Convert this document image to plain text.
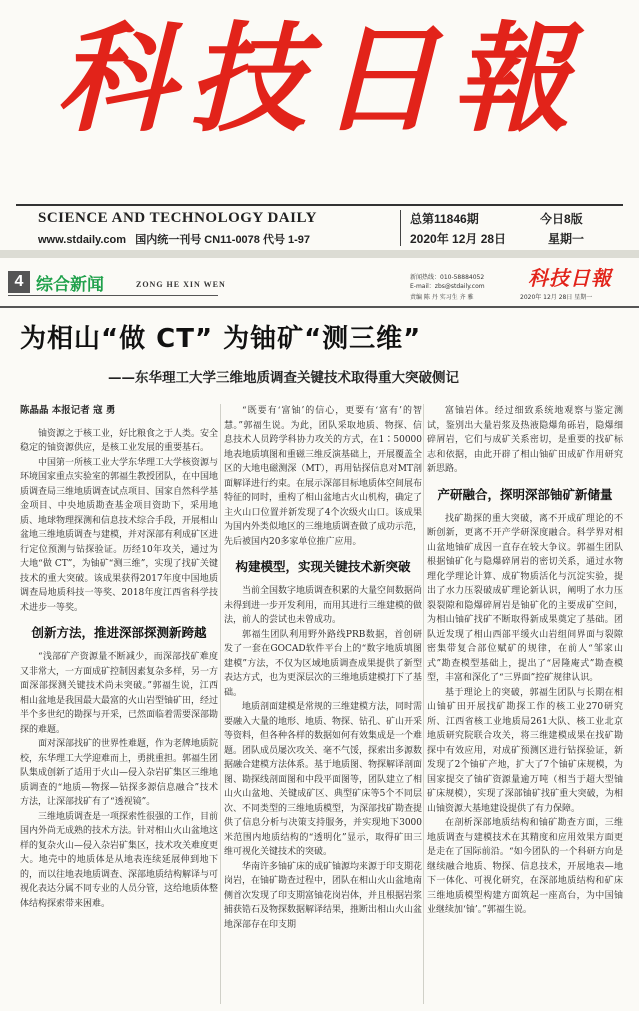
科技日報
SCIENCE AND TECHNOLOGY DAILY
www.stdaily.com 国内统一刊号 CN11-0078 代号 1-97
总第11846期
2020年 12月 28日
今日8版
星期一
4 综合新闻	ZONG HE XIN WEN
新闻热线：010-58884052
E-mail：zbs@stdaily.com
责编 陈 丹 实习生 齐 雅
科技日報
2020年 12月 28日 星期一
为相山“做 CT” 为铀矿“测三维”
——东华理工大学三维地质调查关键技术取得重大突破侧记

陈晶晶 本报记者 寇 勇

铀资源之于核工业，好比粮食之于人类。安全稳定的铀资源供应，是核工业发展的重要基石。

中国第一所核工业大学东华理工大学核资源与环境国家重点实验室的郭福生教授团队，在中国地质调查局三维地质调查试点项目、国家自然科学基金项目、中央地质勘查基金项目资助下，采用地质、地球物理探测和信息技术综合手段，开展相山盆地三维地质调查与建模，并对深部有利成矿区进行定位预测与钻探验证。历经10年攻关，通过为大地“做 CT”，为铀矿“测三维”，实现了找矿关键技术的重大突破。该成果获得2017年度中国地质调查局地质科技一等奖、2018年度江西省科学技术进步一等奖。

创新方法，推进深部探测新跨越

“浅部矿产资源量不断减少，而深部找矿难度又非常大，一方面成矿控制因素复杂多样，另一方面深部探测关键技术尚未突破。”郭福生说，江西相山盆地是我国最大最富的火山岩型铀矿田，经过半个多世纪的勘探与开采，已然面临着需要深部勘探的难题。

面对深部找矿的世界性难题，作为老牌地质院校，东华理工大学迎难而上，勇挑重担。郭福生团队集成创新了适用于火山—侵入杂岩矿集区三维地质调查的“地质—物探—钻探多源信息融合”技术方法，让深部找矿有了“透视镜”。

三维地质调查是一项探索性很强的工作，目前国内外尚无成熟的技术方法。针对相山火山盆地这样的复杂火山—侵入杂岩矿集区，技术攻关难度更大。地壳中的地质体是从地表连续延展伸到地下的，而以往地表地质调查、深部地质结构解译与可视化表达分属不同专业的人员分管，这给地质体整体结构探索带来困难。

“既要有‘富铀’的信心，更要有‘富有’的智慧。”郭福生说。为此，团队采取地质、物探、信息技术人员跨学科协力攻关的方式，在1∶50000地表地质填图和重磁三维反演基础上，开展覆盖全区的大地电磁测深（MT），再用钻探信息对MT剖面解译进行约束。在展示深部目标地质体空间展布特征的同时，重构了相山盆地古火山机构，确定了主火山口位置并新发现了4个次级火山口。该成果为国内外类似地区的三维地质调查做了成功示范，先后被国内20多家单位推广应用。

构建模型，实现关键技术新突破

当前全国数字地质调查积累的大量空间数据尚未得到进一步开发利用，而用其进行三维建模的做法，前人的尝试也未曾成功。

郭福生团队利用野外路线PRB数据，首创研发了一套在GOCAD软件平台上的“数字地质填图建模”方法，不仅为区域地质调查成果提供了新型表达方式，也为更深层次的三维地质建模打下了基础。

地质剖面建模是常规的三维建模方法，同时需要融入大量的地形、地质、物探、钻孔、矿山开采等资料，但各种各样的数据如何有效集成是一个难题。团队成员屡次攻关、毫不气馁，探索出多源数据融合建模方法体系。基于地质图、物探解译剖面图、勘探线剖面图和中段平面图等，团队建立了相山火山盆地、关键成矿区、典型矿床等5个不同层次、不同类型的三维地质模型，为深部找矿勘查提供了信息分析与决策支持服务，并实现地下3000米范围内地质结构的“透明化”显示，取得矿田三维可视化关键技术的突破。

华南许多铀矿床的成矿铀源均来源于印支期花岗岩，在铀矿勘查过程中，团队在相山火山盆地南侧首次发现了印支期富铀花岗岩体，并且根据岩浆捕获锆石及物探数据解译结果，推断出相山火山盆地深部存在印支期

富铀岩体。经过细致系统地观察与鉴定测试，鉴别出大量岩浆及热液隐爆角砾岩，隐爆细碎屑岩，它们与成矿关系密切，是重要的找矿标志和依据，由此开辟了相山铀矿田成矿作用研究新思路。

产研融合，探明深部铀矿新储量

找矿勘探的重大突破，离不开成矿理论的不断创新，更离不开产学研深度融合。科学界对相山盆地铀矿成因一直存在较大争议。郭福生团队根据铀矿化与隐爆碎屑岩的密切关系，通过水物理化学理论计算、成矿物质活化与沉淀实验，提出了水力压裂破成矿理论新认识，阐明了水力压裂裂隙和隐爆碎屑岩是铀矿化的主要成矿空间，为相山铀矿找矿不断取得新成果奠定了基础。团队近发现了相山西部平缓火山岩组间界面与裂隙密集带复合部位赋矿的规律，在前人“邹家山式”勘查模型基础上，提出了“居隆庵式”勘查模型，丰富和深化了“三界面”控矿规律认识。

基于理论上的突破，郭福生团队与长期在相山铀矿田开展找矿勘探工作的核工业270研究所、江西省核工业地质局261大队、核工业北京地质研究院联合攻关，将三维建模成果在找矿勘探中有效应用，对成矿预测区进行钻探验证，新发现了2个铀矿产地，扩大了7个铀矿床规模，为国家提交了铀矿资源量逾万吨（相当于超大型铀矿床规模），实现了深部铀矿找矿重大突破，为相山铀资源大基地建设提供了有力保障。

在剖析深部地质结构和铀矿勘查方面，三维地质调查与建模技术在其精度和应用效果方面更是走在了国际前沿。“如今团队的一个科研方向是继续融合地质、物探、信息技术，开展地表—地下一体化、可视化研究，在深部地质结构和矿床三维地质模型构建方面筑起一座高台，为中国铀业继续加‘铀’。”郭福生说。
